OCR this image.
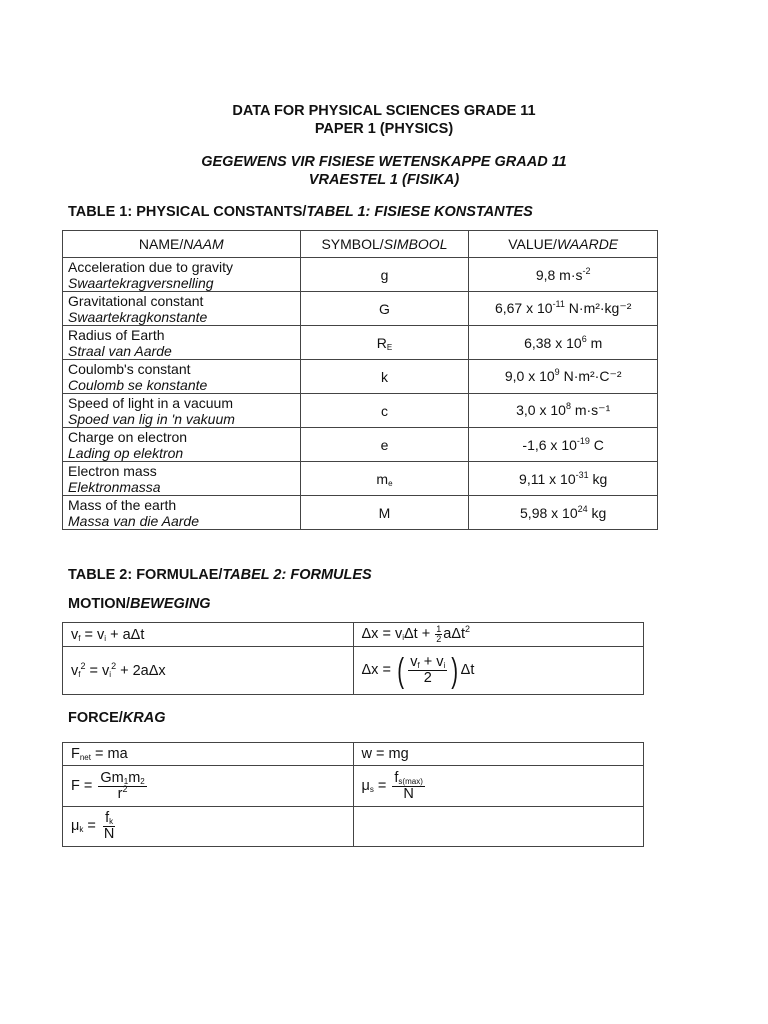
DATA FOR PHYSICAL SCIENCES GRADE 11
PAPER 1 (PHYSICS)
GEGEWENS VIR FISIESE WETENSKAPPE GRAAD 11
VRAESTEL 1 (FISIKA)
TABLE 1: PHYSICAL CONSTANTS/TABEL 1: FISIESE KONSTANTES
NAME/NAAM	SYMBOL/SIMBOOL	VALUE/WAARDE

Acceleration due to gravity
Swaartekragversnelling	g	9,8 $m\cdot s^{-2}$

Gravitational constant
Swaartekragkonstante	G	6,67 x $10^{-11}$ N·m²·kg⁻²

Radius of Earth
Straal van Aarde	$R_E$	6,38 x $10^6$ m

Coulomb's constant
Coulomb se konstante	k	9,0 x $10^9$ N·m²·C⁻²

Speed of light in a vacuum
Spoed van lig in 'n vakuum	c	3,0 x $10^8$ m·s⁻¹

Charge on electron
Lading op elektron	e	-1,6 x $10^{-19}$ C

Electron mass
Elektronmassa	$m_e$	9,11 x $10^{-31}$ kg

Mass of the earth
Massa van die Aarde	M	5,98 x $10^{24}$ kg
TABLE 2: FORMULAE/TABEL 2: FORMULES
MOTION/BEWEGING
$v_f = v_i + a\Delta t$	$\Delta x = v_i\Delta t + \frac{1}{2} a\Delta t^2$
$v_f^2 = v_i^2 + 2a\Delta x$	Δx = ( $\frac{v_f + v_i}{2}$ ) Δt
FORCE/KRAG
$F_{net}$ = ma	w = mg
$F = \frac{Gm_1m_2}{r^2}$	$\mu_s = \frac{f_{s(max)}}{N}$

$\mu_k = \frac{f_k}{N}$
